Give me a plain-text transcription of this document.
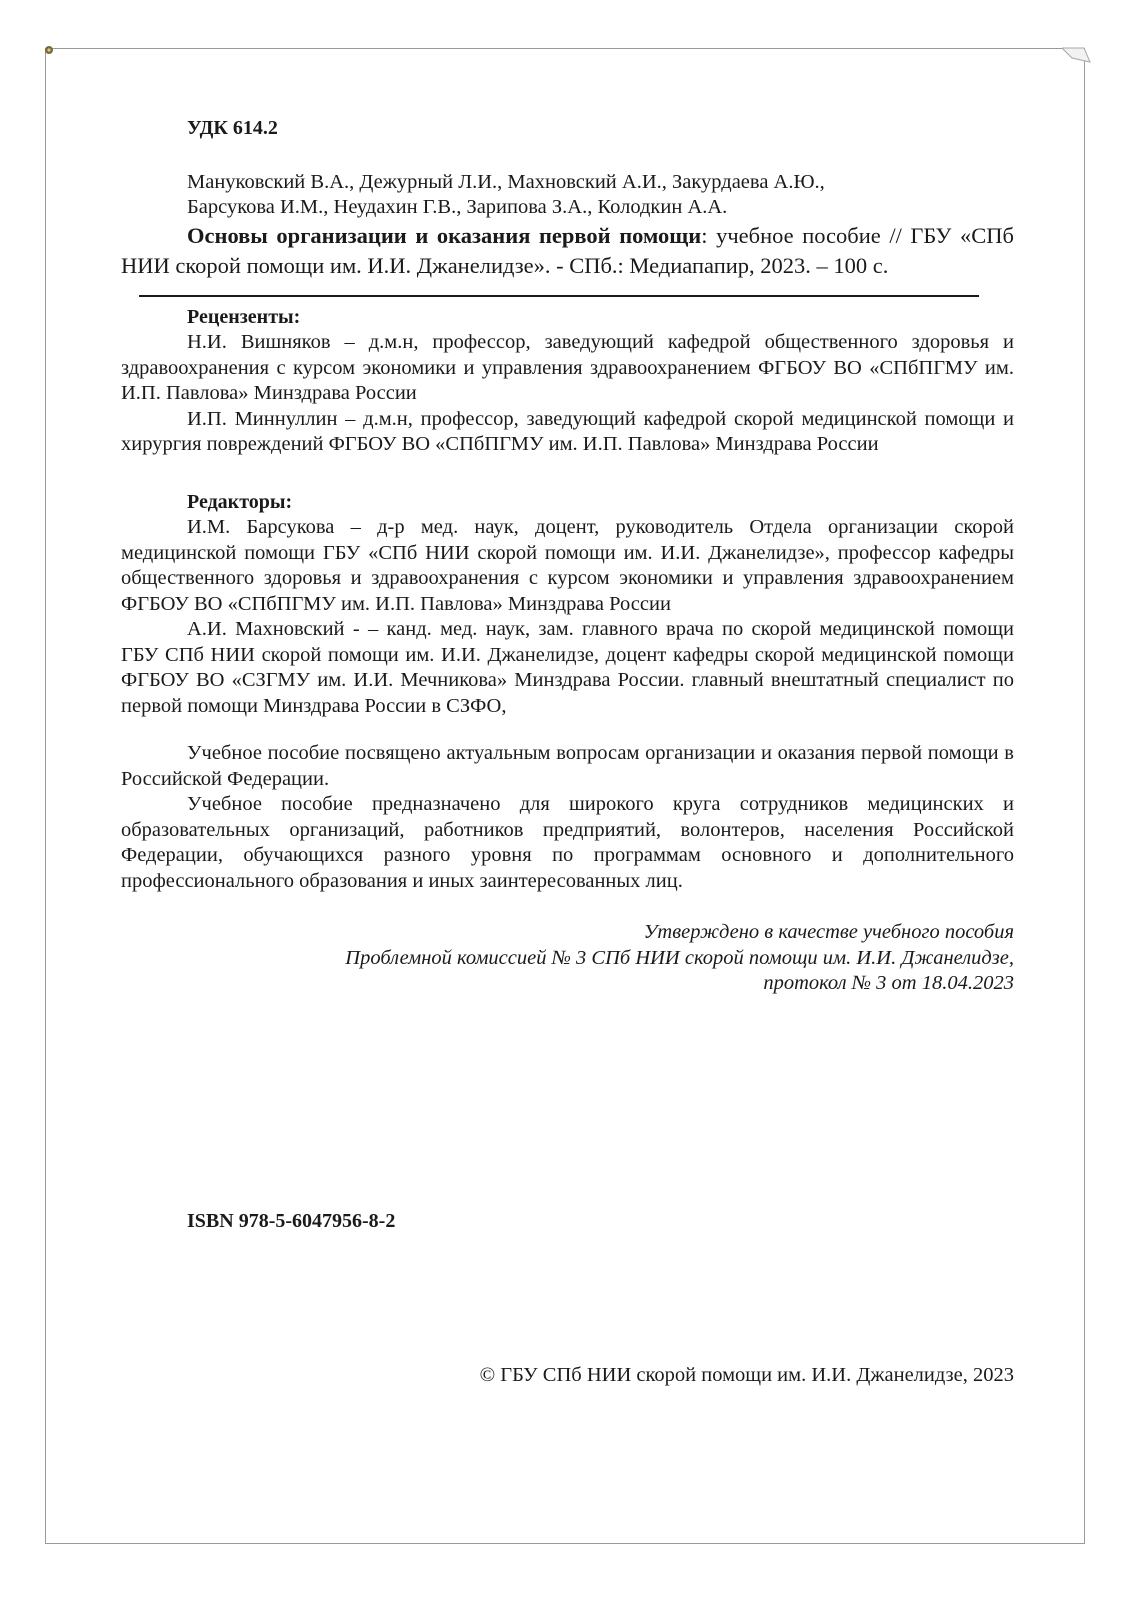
УДК 614.2
Мануковский В.А., Дежурный Л.И., Махновский А.И., Закурдаева А.Ю.,
Барсукова И.М., Неудахин Г.В., Зарипова З.А., Колодкин А.А.
Основы организации и оказания первой помощи: учебное пособие // ГБУ «СПб НИИ скорой помощи им. И.И. Джанелидзе». - СПб.: Медиапапир, 2023. – 100 с.
Рецензенты:
Н.И. Вишняков – д.м.н, профессор, заведующий кафедрой общественного здоровья и здравоохранения с курсом экономики и управления здравоохранением ФГБОУ ВО «СПбПГМУ им. И.П. Павлова» Минздрава России
И.П. Миннуллин – д.м.н, профессор, заведующий кафедрой скорой медицинской помощи и хирургия повреждений ФГБОУ ВО «СПбПГМУ им. И.П. Павлова» Минздрава России
Редакторы:
И.М. Барсукова – д-р мед. наук, доцент, руководитель Отдела организации скорой медицинской помощи ГБУ «СПб НИИ скорой помощи им. И.И. Джанелидзе», профессор кафедры общественного здоровья и здравоохранения с курсом экономики и управления здравоохранением ФГБОУ ВО «СПбПГМУ им. И.П. Павлова» Минздрава России
А.И. Махновский - – канд. мед. наук, зам. главного врача по скорой медицинской помощи ГБУ СПб НИИ скорой помощи им. И.И. Джанелидзе, доцент кафедры скорой медицинской помощи ФГБОУ ВО «СЗГМУ им. И.И. Мечникова» Минздрава России. главный внештатный специалист по первой помощи Минздрава России в СЗФО,
Учебное пособие посвящено актуальным вопросам организации и оказания первой помощи в Российской Федерации.
Учебное пособие предназначено для широкого круга сотрудников медицинских и образовательных организаций, работников предприятий, волонтеров, населения Российской Федерации, обучающихся разного уровня по программам основного и дополнительного профессионального образования и иных заинтересованных лиц.
Утверждено в качестве учебного пособия
Проблемной комиссией № 3 СПб НИИ скорой помощи им. И.И. Джанелидзе,
протокол № 3 от 18.04.2023
ISBN 978-5-6047956-8-2
© ГБУ СПб НИИ скорой помощи им. И.И. Джанелидзе, 2023
